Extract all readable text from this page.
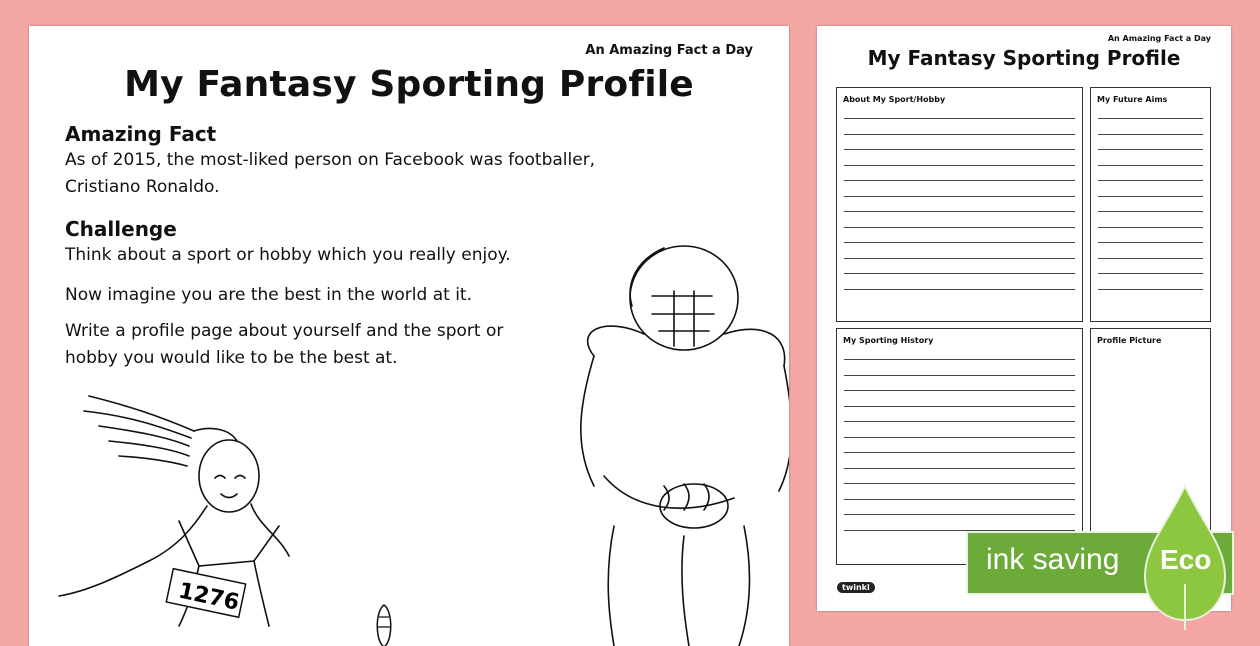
An Amazing Fact a Day
My Fantasy Sporting Profile
Amazing Fact
As of 2015, the most-liked person on Facebook was footballer,
Cristiano Ronaldo.
Challenge
Think about a sport or hobby which you really enjoy.
Now imagine you are the best in the world at it.
Write a profile page about yourself and the sport or
hobby you would like to be the best at.
1276
An Amazing Fact a Day
My Fantasy Sporting Profile
About My Sport/Hobby	My Future Aims
My Sporting History	Profile Picture
twinkl
ink saving Eco
